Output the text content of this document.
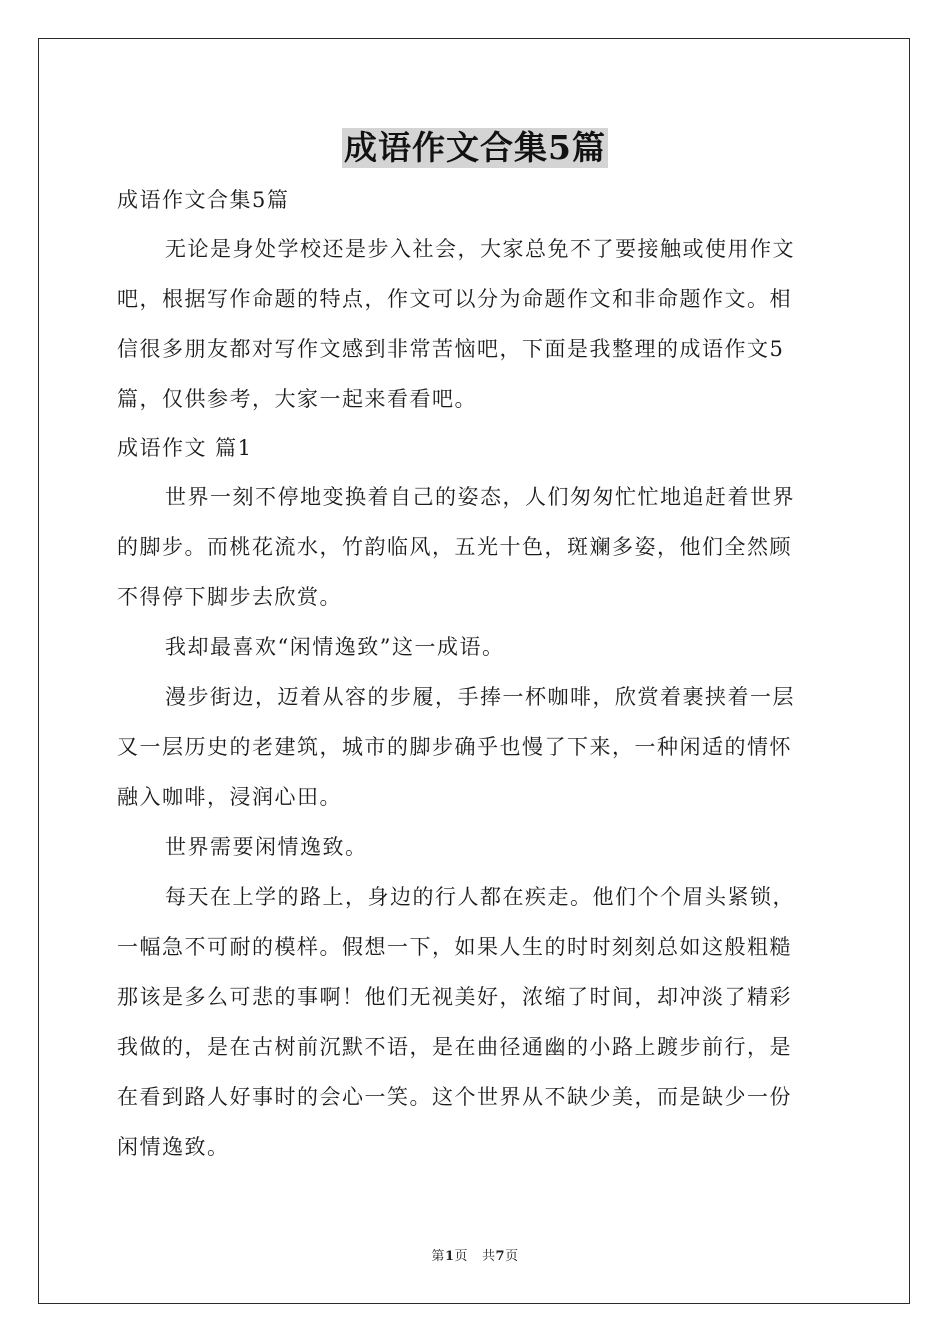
成语作文合集5篇
成语作文合集5篇
无论是身处学校还是步入社会，大家总免不了要接触或使用作文
吧，根据写作命题的特点，作文可以分为命题作文和非命题作文。相
信很多朋友都对写作文感到非常苦恼吧，下面是我整理的成语作文5
篇，仅供参考，大家一起来看看吧。
成语作文 篇1
世界一刻不停地变换着自己的姿态，人们匆匆忙忙地追赶着世界
的脚步。而桃花流水，竹韵临风，五光十色，斑斓多姿，他们全然顾
不得停下脚步去欣赏。
我却最喜欢“闲情逸致”这一成语。
漫步街边，迈着从容的步履，手捧一杯咖啡，欣赏着裹挟着一层
又一层历史的老建筑，城市的脚步确乎也慢了下来，一种闲适的情怀
融入咖啡，浸润心田。
世界需要闲情逸致。
每天在上学的路上，身边的行人都在疾走。他们个个眉头紧锁，
一幅急不可耐的模样。假想一下，如果人生的时时刻刻总如这般粗糙
那该是多么可悲的事啊！他们无视美好，浓缩了时间，却冲淡了精彩
我做的，是在古树前沉默不语，是在曲径通幽的小路上踱步前行，是
在看到路人好事时的会心一笑。这个世界从不缺少美，而是缺少一份
闲情逸致。
第1页 共7页
